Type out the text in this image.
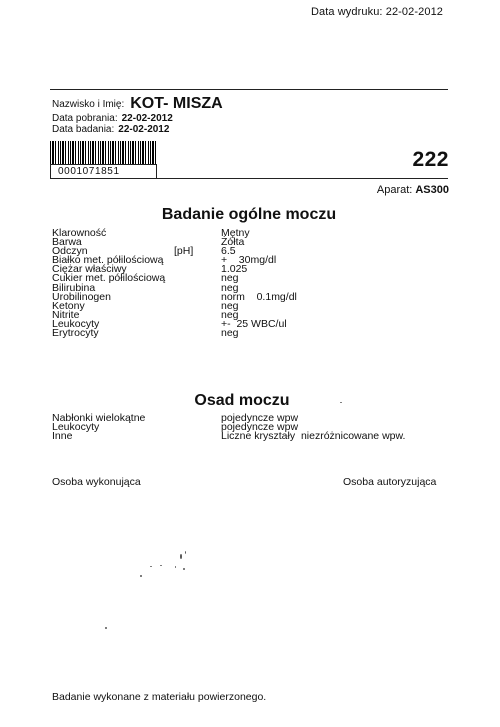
Data wydruku: 22-02-2012
Nazwisko i Imię: KOT- MISZA
Data pobrania: 22-02-2012
Data badania: 22-02-2012
0001071851
222
Aparat: AS300
Badanie ogólne moczu
Klarowność	Mętny
Barwa	Żółta
Odczyn	[pH]	6.5
Białko met. półilościową	+    30mg/dl
Ciężar właściwy	1.025
Cukier met. półilościową	neg
Bilirubina	neg
Urobilinogen	norm    0.1mg/dl
Ketony	neg
Nitrite	neg
Leukocyty	+-  25 WBC/ul
Erytrocyty	neg
Osad moczu
Nabłonki wielokątne	pojedyncze wpw
Leukocyty	pojedyncze wpw
Inne	Liczne kryształy  niezróżnicowane wpw.
Osoba wykonująca	Osoba autoryzująca
Badanie wykonane z materiału powierzonego.
